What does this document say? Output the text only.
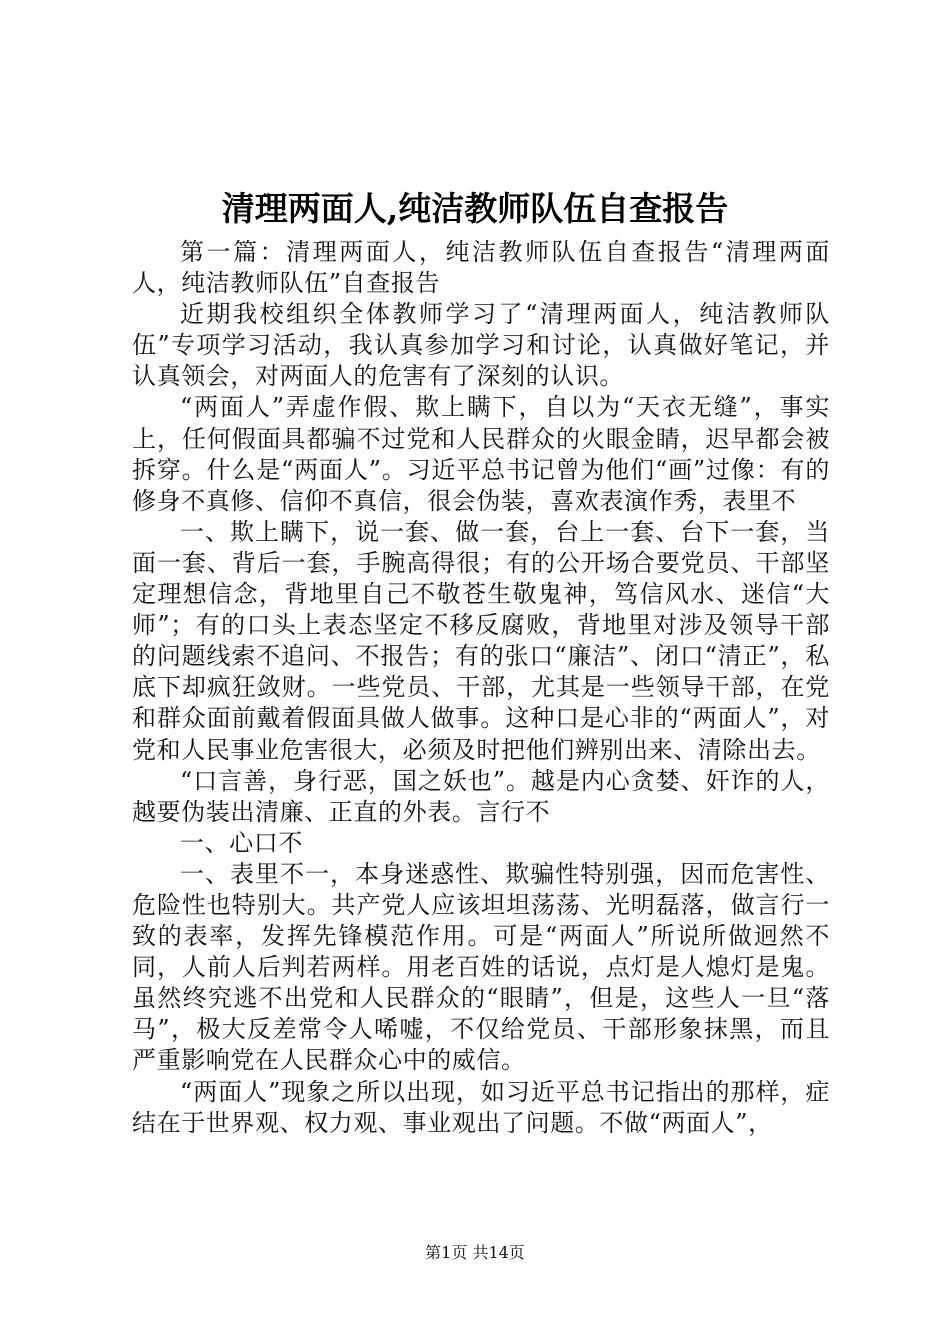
清理两面人,纯洁教师队伍自查报告

第一篇：清理两面人，纯洁教师队伍自查报告“清理两面人，纯洁教师队伍”自查报告

近期我校组织全体教师学习了“清理两面人，纯洁教师队伍”专项学习活动，我认真参加学习和讨论，认真做好笔记，并认真领会，对两面人的危害有了深刻的认识。

“两面人”弄虚作假、欺上瞒下，自以为“天衣无缝”，事实上，任何假面具都骗不过党和人民群众的火眼金睛，迟早都会被拆穿。什么是“两面人”。习近平总书记曾为他们“画”过像：有的修身不真修、信仰不真信，很会伪装，喜欢表演作秀，表里不

一、欺上瞒下，说一套、做一套，台上一套、台下一套，当面一套、背后一套，手腕高得很；有的公开场合要党员、干部坚定理想信念，背地里自己不敬苍生敬鬼神，笃信风水、迷信“大师”；有的口头上表态坚定不移反腐败，背地里对涉及领导干部的问题线索不追问、不报告；有的张口“廉洁”、闭口“清正”，私底下却疯狂敛财。一些党员、干部，尤其是一些领导干部，在党和群众面前戴着假面具做人做事。这种口是心非的“两面人”，对党和人民事业危害很大，必须及时把他们辨别出来、清除出去。

“口言善，身行恶，国之妖也”。越是内心贪婪、奸诈的人，越要伪装出清廉、正直的外表。言行不

一、心口不

一、表里不一，本身迷惑性、欺骗性特别强，因而危害性、危险性也特别大。共产党人应该坦坦荡荡、光明磊落，做言行一致的表率，发挥先锋模范作用。可是“两面人”所说所做迥然不同，人前人后判若两样。用老百姓的话说，点灯是人熄灯是鬼。虽然终究逃不出党和人民群众的“眼睛”，但是，这些人一旦“落马”，极大反差常令人唏嘘，不仅给党员、干部形象抹黑，而且严重影响党在人民群众心中的威信。

“两面人”现象之所以出现，如习近平总书记指出的那样，症结在于世界观、权力观、事业观出了问题。不做“两面人”，

第1页 共14页
